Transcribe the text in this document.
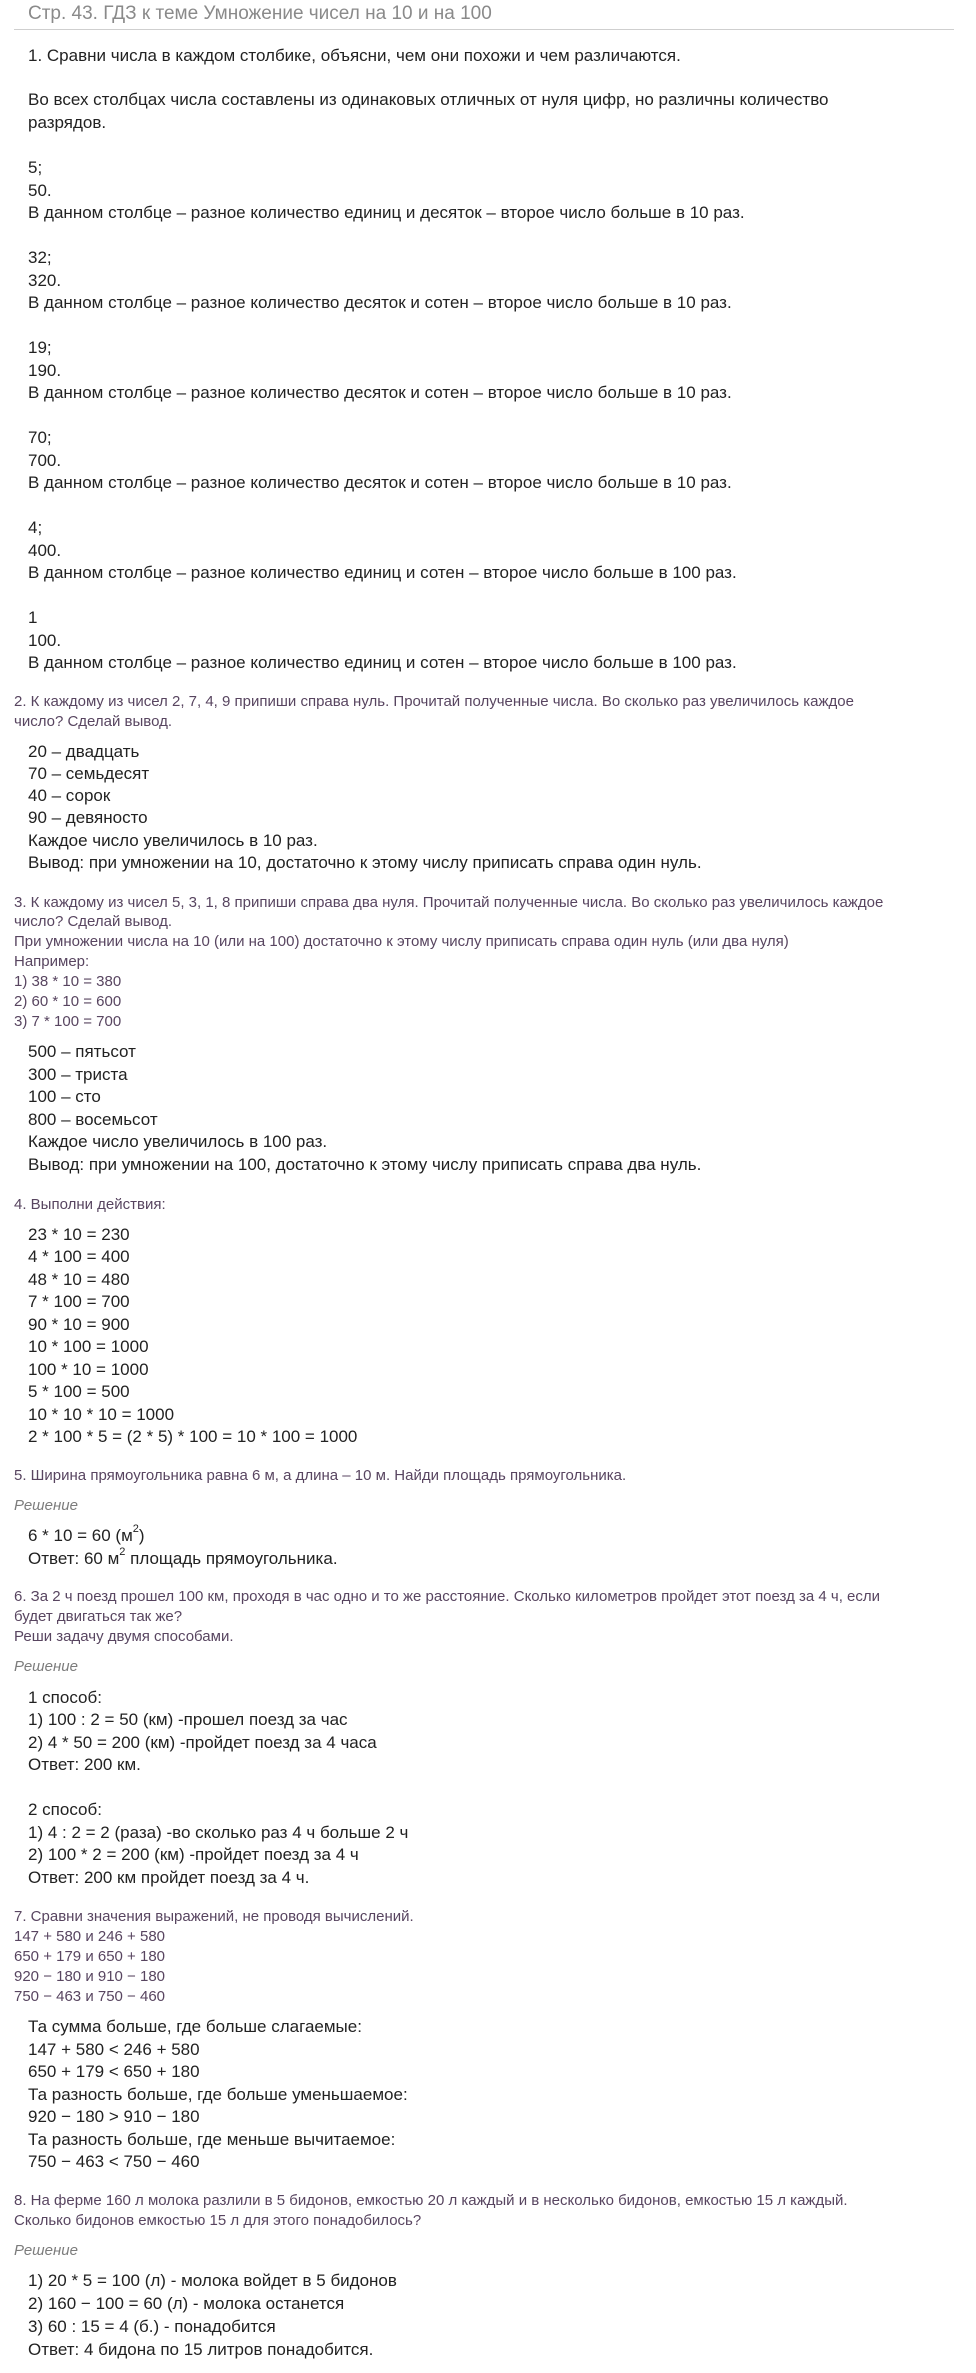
Стр. 43. ГДЗ к теме Умножение чисел на 10 и на 100
1. Сравни числа в каждом столбике, объясни, чем они похожи и чем различаются.
Во всех столбцах числа составлены из одинаковых отличных от нуля цифр, но различны количество
разрядов.
5;
50.
В данном столбце – разное количество единиц и десяток – второе число больше в 10 раз.
32;
320.
В данном столбце – разное количество десяток и сотен – второе число больше в 10 раз.
19;
190.
В данном столбце – разное количество десяток и сотен – второе число больше в 10 раз.
70;
700.
В данном столбце – разное количество десяток и сотен – второе число больше в 10 раз.
4;
400.
В данном столбце – разное количество единиц и сотен – второе число больше в 100 раз.
1
100.
В данном столбце – разное количество единиц и сотен – второе число больше в 100 раз.
2. К каждому из чисел 2, 7, 4, 9 припиши справа нуль. Прочитай полученные числа. Во сколько раз увеличилось каждое
число? Сделай вывод.
20 – двадцать
70 – семьдесят
40 – сорок
90 – девяносто
Каждое число увеличилось в 10 раз.
Вывод: при умножении на 10, достаточно к этому числу приписать справа один нуль.
3. К каждому из чисел 5, 3, 1, 8 припиши справа два нуля. Прочитай полученные числа. Во сколько раз увеличилось каждое
число? Сделай вывод.
При умножении числа на 10 (или на 100) достаточно к этому числу приписать справа один нуль (или два нуля)
Например:
1) 38 * 10 = 380
2) 60 * 10 = 600
3) 7 * 100 = 700
500 – пятьсот
300 – триста
100 – сто
800 – восемьсот
Каждое число увеличилось в 100 раз.
Вывод: при умножении на 100, достаточно к этому числу приписать справа два нуль.
4. Выполни действия:
23 * 10 = 230
4 * 100 = 400
48 * 10 = 480
7 * 100 = 700
90 * 10 = 900
10 * 100 = 1000
100 * 10 = 1000
5 * 100 = 500
10 * 10 * 10 = 1000
2 * 100 * 5 = (2 * 5) * 100 = 10 * 100 = 1000
5. Ширина прямоугольника равна 6 м, а длина – 10 м. Найди площадь прямоугольника.
Решение
6 * 10 = 60 $(м^2)$
Ответ: 60 $м^2$ площадь прямоугольника.
6. За 2 ч поезд прошел 100 км, проходя в час одно и то же расстояние. Сколько километров пройдет этот поезд за 4 ч, если
будет двигаться так же?
Реши задачу двумя способами.
Решение
1 способ:
1) 100 : 2 = 50 (км) -прошел поезд за час
2) 4 * 50 = 200 (км) -пройдет поезд за 4 часа
Ответ: 200 км.
2 способ:
1) 4 : 2 = 2 (раза) -во сколько раз 4 ч больше 2 ч
2) 100 * 2 = 200 (км) -пройдет поезд за 4 ч
Ответ: 200 км пройдет поезд за 4 ч.
7. Сравни значения выражений, не проводя вычислений.
147 + 580 и 246 + 580
650 + 179 и 650 + 180
920 − 180 и 910 − 180
750 − 463 и 750 − 460
Та сумма больше, где больше слагаемые:
147 + 580 < 246 + 580
650 + 179 < 650 + 180
Та разность больше, где больше уменьшаемое:
920 − 180 > 910 − 180
Та разность больше, где меньше вычитаемое:
750 − 463 < 750 − 460
8. На ферме 160 л молока разлили в 5 бидонов, емкостью 20 л каждый и в несколько бидонов, емкостью 15 л каждый.
Сколько бидонов емкостью 15 л для этого понадобилось?
Решение
1) 20 * 5 = 100 (л) - молока войдет в 5 бидонов
2) 160 − 100 = 60 (л) - молока останется
3) 60 : 15 = 4 (б.) - понадобится
Ответ: 4 бидона по 15 литров понадобится.
